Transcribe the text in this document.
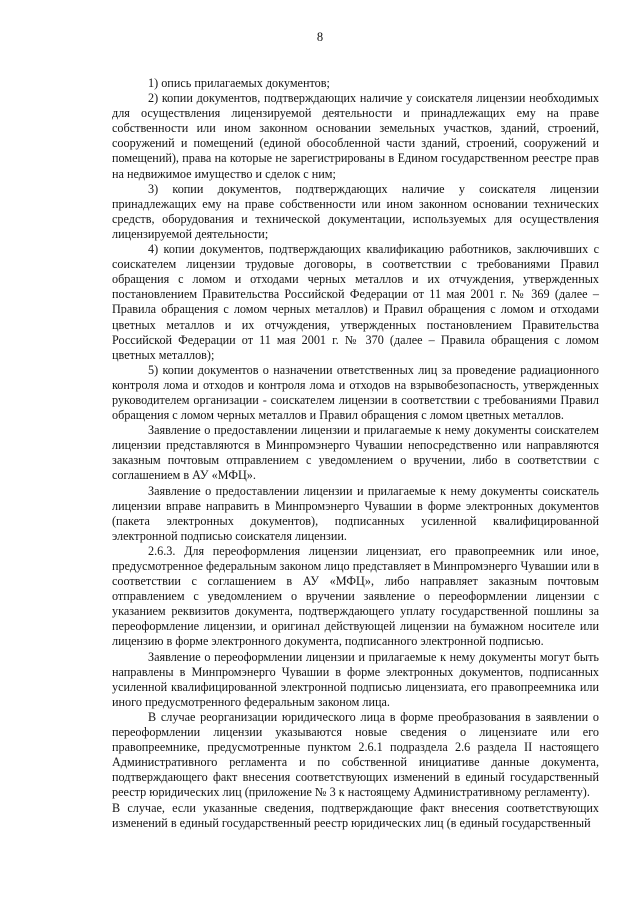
8

1) опись прилагаемых документов;

2) копии документов, подтверждающих наличие у соискателя лицензии необходимых для осуществления лицензируемой деятельности и принадлежащих ему на праве собственности или ином законном основании земельных участков, зданий, строений, сооружений и помещений (единой обособленной части зданий, строений, сооружений и помещений), права на которые не зарегистрированы в Едином государственном реестре прав на недвижимое имущество и сделок с ним;

3) копии документов, подтверждающих наличие у соискателя лицензии принадлежащих ему на праве собственности или ином законном основании технических средств, оборудования и технической документации, используемых для осуществления лицензируемой деятельности;

4) копии документов, подтверждающих квалификацию работников, заключивших с соискателем лицензии трудовые договоры, в соответствии с требованиями Правил обращения с ломом и отходами черных металлов и их отчуждения, утвержденных постановлением Правительства Российской Федерации от 11 мая 2001 г. № 369 (далее – Правила обращения с ломом черных металлов) и Правил обращения с ломом и отходами цветных металлов и их отчуждения, утвержденных постановлением Правительства Российской Федерации от 11 мая 2001 г. № 370 (далее – Правила обращения с ломом цветных металлов);

5) копии документов о назначении ответственных лиц за проведение радиационного контроля лома и отходов и контроля лома и отходов на взрывобезопасность, утвержденных руководителем организации - соискателем лицензии в соответствии с требованиями Правил обращения с ломом черных металлов и Правил обращения с ломом цветных металлов.

Заявление о предоставлении лицензии и прилагаемые к нему документы соискателем лицензии представляются в Минпромэнерго Чувашии непосредственно или направляются заказным почтовым отправлением с уведомлением о вручении, либо в соответствии с соглашением в АУ «МФЦ».

Заявление о предоставлении лицензии и прилагаемые к нему документы соискатель лицензии вправе направить в Минпромэнерго Чувашии в форме электронных документов (пакета электронных документов), подписанных усиленной квалифицированной электронной подписью соискателя лицензии.

2.6.3. Для переоформления лицензии лицензиат, его правопреемник или иное, предусмотренное федеральным законом лицо представляет в Минпромэнерго Чувашии или в соответствии с соглашением в АУ «МФЦ», либо направляет заказным почтовым отправлением с уведомлением о вручении заявление о переоформлении лицензии с указанием реквизитов документа, подтверждающего уплату государственной пошлины за переоформление лицензии, и оригинал действующей лицензии на бумажном носителе или лицензию в форме электронного документа, подписанного электронной подписью.

Заявление о переоформлении лицензии и прилагаемые к нему документы могут быть направлены в Минпромэнерго Чувашии в форме электронных документов, подписанных усиленной квалифицированной электронной подписью лицензиата, его правопреемника или иного предусмотренного федеральным законом лица.

В случае реорганизации юридического лица в форме преобразования в заявлении о переоформлении лицензии указываются новые сведения о лицензиате или его правопреемнике, предусмотренные пунктом 2.6.1 подраздела 2.6 раздела II настоящего Административного регламента и по собственной инициативе данные документа, подтверждающего факт внесения соответствующих изменений в единый государственный реестр юридических лиц (приложение № 3 к настоящему Административному регламенту).

В случае, если указанные сведения, подтверждающие факт внесения соответствующих изменений в единый государственный реестр юридических лиц (в единый государственный
